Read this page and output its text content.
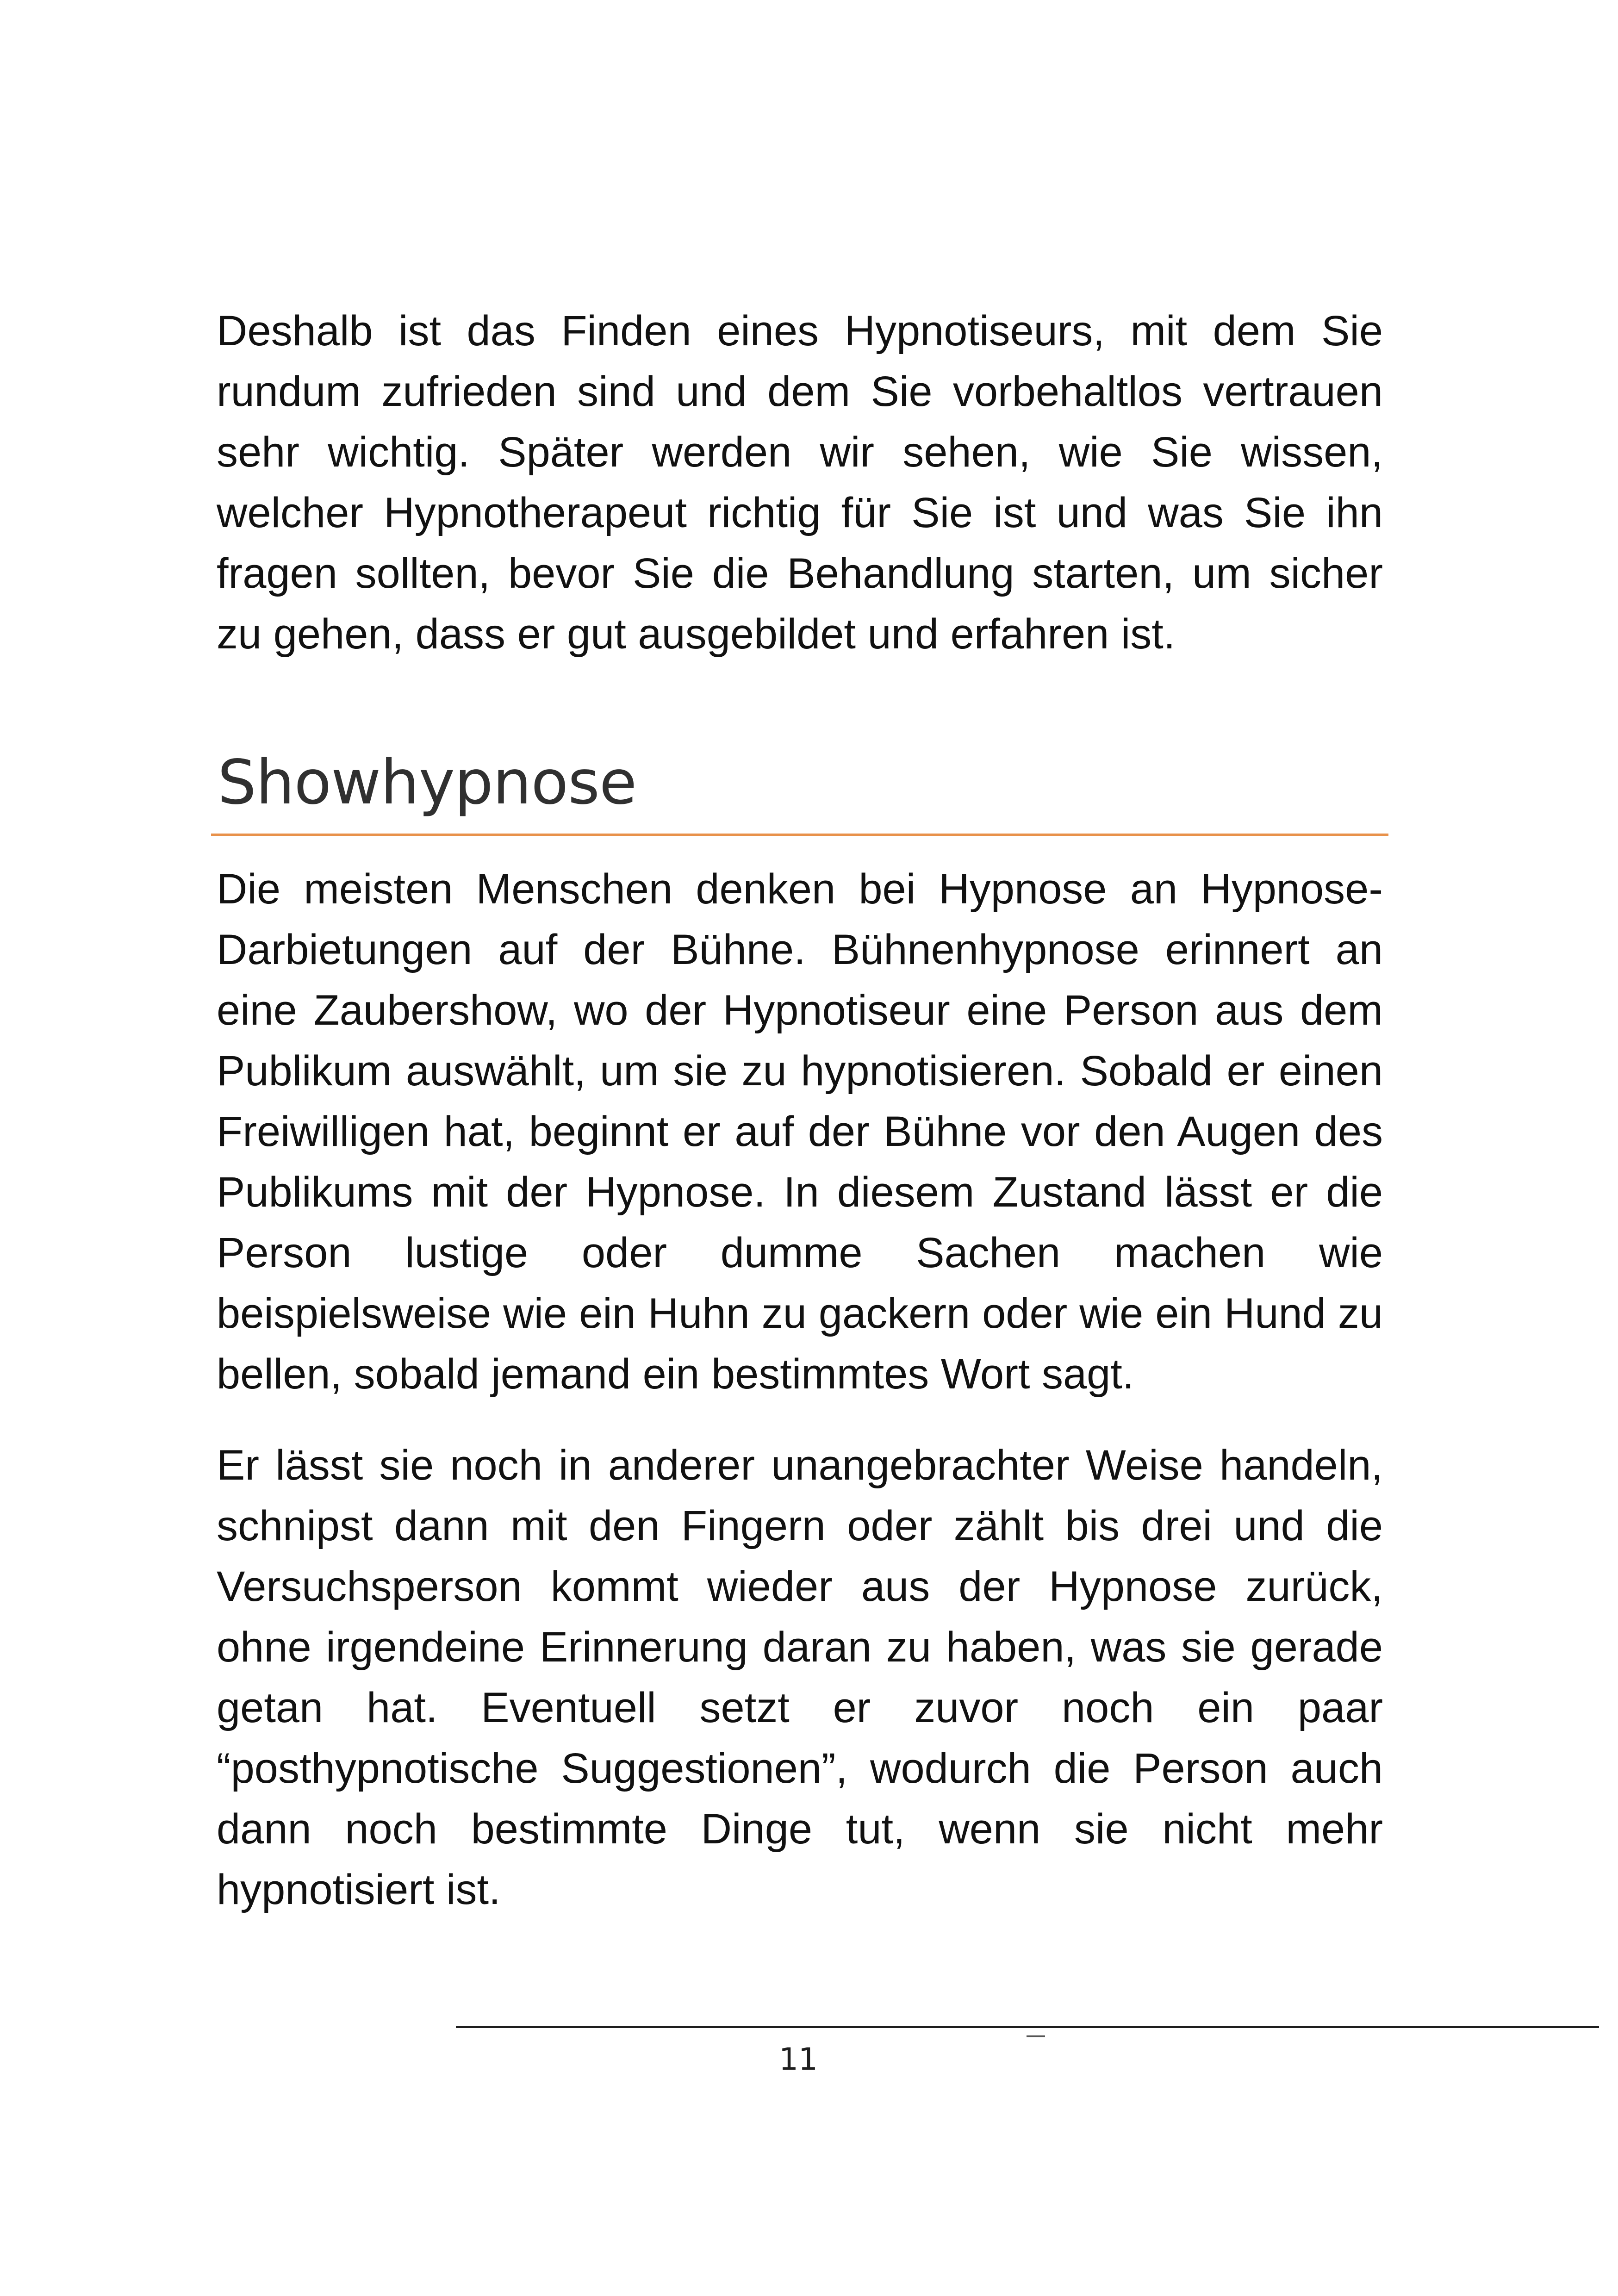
Deshalb ist das Finden eines Hypnotiseurs, mit dem Sie rundum zufrieden sind und dem Sie vorbehaltlos vertrauen sehr wichtig. Später werden wir sehen, wie Sie wissen, welcher Hypnotherapeut richtig für Sie ist und was Sie ihn fragen sollten, bevor Sie die Behandlung starten, um sicher zu gehen, dass er gut ausgebildet und erfahren ist.

Showhypnose

Die meisten Menschen denken bei Hypnose an Hypnose-Darbietungen auf der Bühne. Bühnenhypnose erinnert an eine Zaubershow, wo der Hypnotiseur eine Person aus dem Publikum auswählt, um sie zu hypnotisieren. Sobald er einen Freiwilligen hat, beginnt er auf der Bühne vor den Augen des Publikums mit der Hypnose. In diesem Zustand lässt er die Person lustige oder dumme Sachen machen wie beispielsweise wie ein Huhn zu gackern oder wie ein Hund zu bellen, sobald jemand ein bestimmtes Wort sagt.

Er lässt sie noch in anderer unangebrachter Weise handeln, schnipst dann mit den Fingern oder zählt bis drei und die Versuchsperson kommt wieder aus der Hypnose zurück, ohne irgendeine Erinnerung daran zu haben, was sie gerade getan hat. Eventuell setzt er zuvor noch ein paar “posthypnotische Suggestionen”, wodurch die Person auch dann noch bestimmte Dinge tut, wenn sie nicht mehr hypnotisiert ist.

11
